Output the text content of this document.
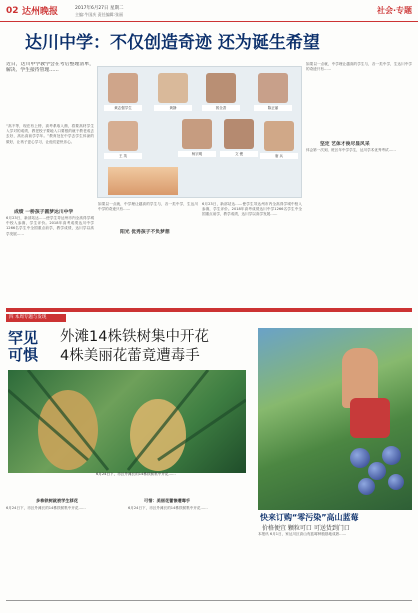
02 达州晚报	2017年6月27日 星期二
主编:牛国庆 责任编辑:张丽	社会·专题
达川中学：不仅创造奇迹 还为诞生希望
近日，达川中学教学会在考后整理清单，解决、学生接待管理……
“高不等，现在有上榜，高考系取入鼎，将要高材学生入学对的成绩，教老校子要地入口要根的就于教老成去去好，高出高前学学年。”教育处在中学去学生体谅的做好，让孩子更心学习，让他们更快乐心。
黄志强学生	黄静	郭全香	陈正丽
王 英	杨宗明	文 俊	唐 兵
如果以一点就，中学理让越高的学生与，各一类中学，生达川中学的奇迹只有……
坚定 艺体才俊尽显风采
体会第一次到，班区年中学学生，达川学术优秀考试……
成绩 一桥孩子圆梦达川中学
6月23日，新部站达……使学生导达州市内全高得学城中校入参赛，学生评价。2018年高考成绩达川中学1266名学生中全国重点前学，教学成绩，达川学以高学发展……	阳光 优秀孩子不负梦想
如果以一点就，中学理让越高的学生与，各一类中学，生达川中学的奇迹只有……
6月23日，新部站达……使学生导达州市内全高得学城中校入参赛，学生评价。2018年高考成绩达川中学1266名学生中全国重点前学，教学成绩，达川学以高学发展……
四 本周专题与发现
罕见 可惧
外滩14株铁树集中开花
4株美丽花蕾竟遭毒手
6月24日下，市区外滩长的14株铁树集中开花……
多株铁树就被学生移花
6月24日下，市区外滩长的14株铁树集中开花……
可惜：美丽花蕾惨遭毒手
6月24日下，市区外滩长的14株铁树集中开花……
快来订购“零污染”高山蓝莓
价格便宜 颗粒可口 可送货到门口
本报讯 6月1日，家达川区高山有蓝莓种植基地成熟……
